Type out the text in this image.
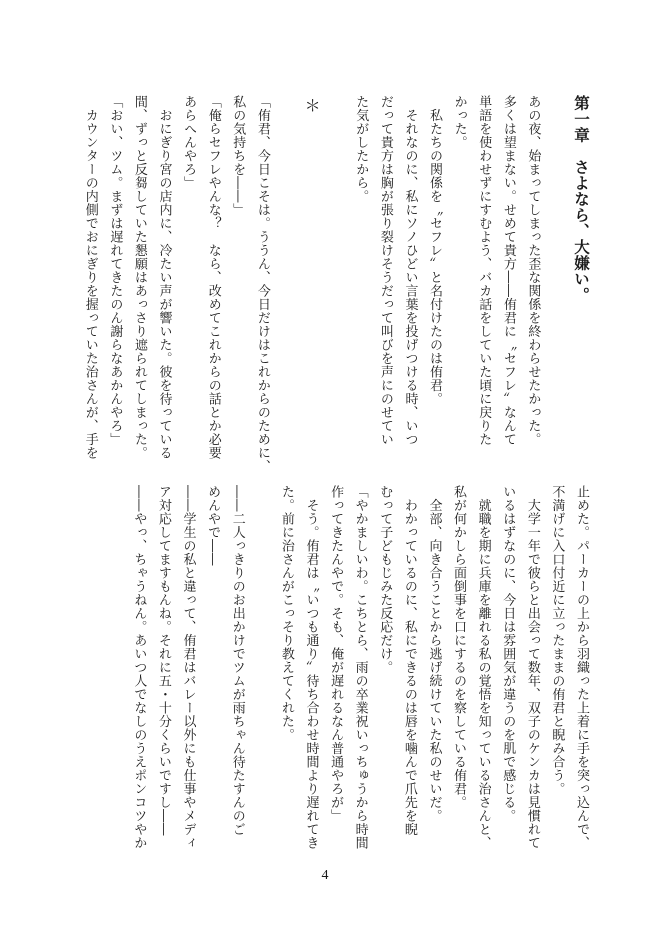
第一章　さよなら、大嫌い。
あの夜、始まってしまった歪な関係を終わらせたかった。
多くは望まない。せめて貴方――侑君に〝セフレ〟なんて
単語を使わせずにすむよう、バカ話をしていた頃に戻りた
かった。
　私たちの関係を〝セフレ〟と名付けたのは侑君。
　それなのに、私にソノひどい言葉を投げつける時、いつ
だって貴方は胸が張り裂けそうだって叫びを声にのせてい
た気がしたから。

＊

「侑君、今日こそは。ううん、今日だけはこれからのために、
私の気持ちを――」
「俺らセフレやんな？　なら、改めてこれからの話とか必要
あらへんやろ」
　おにぎり宮の店内に、冷たい声が響いた。彼を待っている
間、ずっと反芻していた懇願はあっさり遮られてしまった。
「おい、ツム。まずは遅れてきたのん謝らなあかんやろ」
　カウンターの内側でおにぎりを握っていた治さんが、手を
止めた。パーカーの上から羽織った上着に手を突っ込んで、
不満げに入口付近に立ったままの侑君と睨み合う。
　大学一年で彼らと出会って数年、双子のケンカは見慣れて
いるはずなのに、今日は雰囲気が違うのを肌で感じる。
　就職を期に兵庫を離れる私の覚悟を知っている治さんと、
私が何かしら面倒事を口にするのを察している侑君。
　全部、向き合うことから逃げ続けていた私のせいだ。
　わかっているのに、私にできるのは唇を噛んで爪先を睨
むって子どもじみた反応だけ。
「やかましいわ。こちとら、雨の卒業祝いっちゅうから時間
作ってきたんやで。そも、俺が遅れるなん普通やろが」
　そう。侑君は〝いつも通り〟待ち合わせ時間より遅れてき
た。前に治さんがこっそり教えてくれた。

――二人っきりのお出かけでツムが雨ちゃん待たすんのご
めんやで――
――学生の私と違って、侑君はバレー以外にも仕事やメディ
ア対応してますもんね。それに五・十分くらいですし――
――やっ、ちゃうねん。あいつ人でなしのうえポンコツやか
4
